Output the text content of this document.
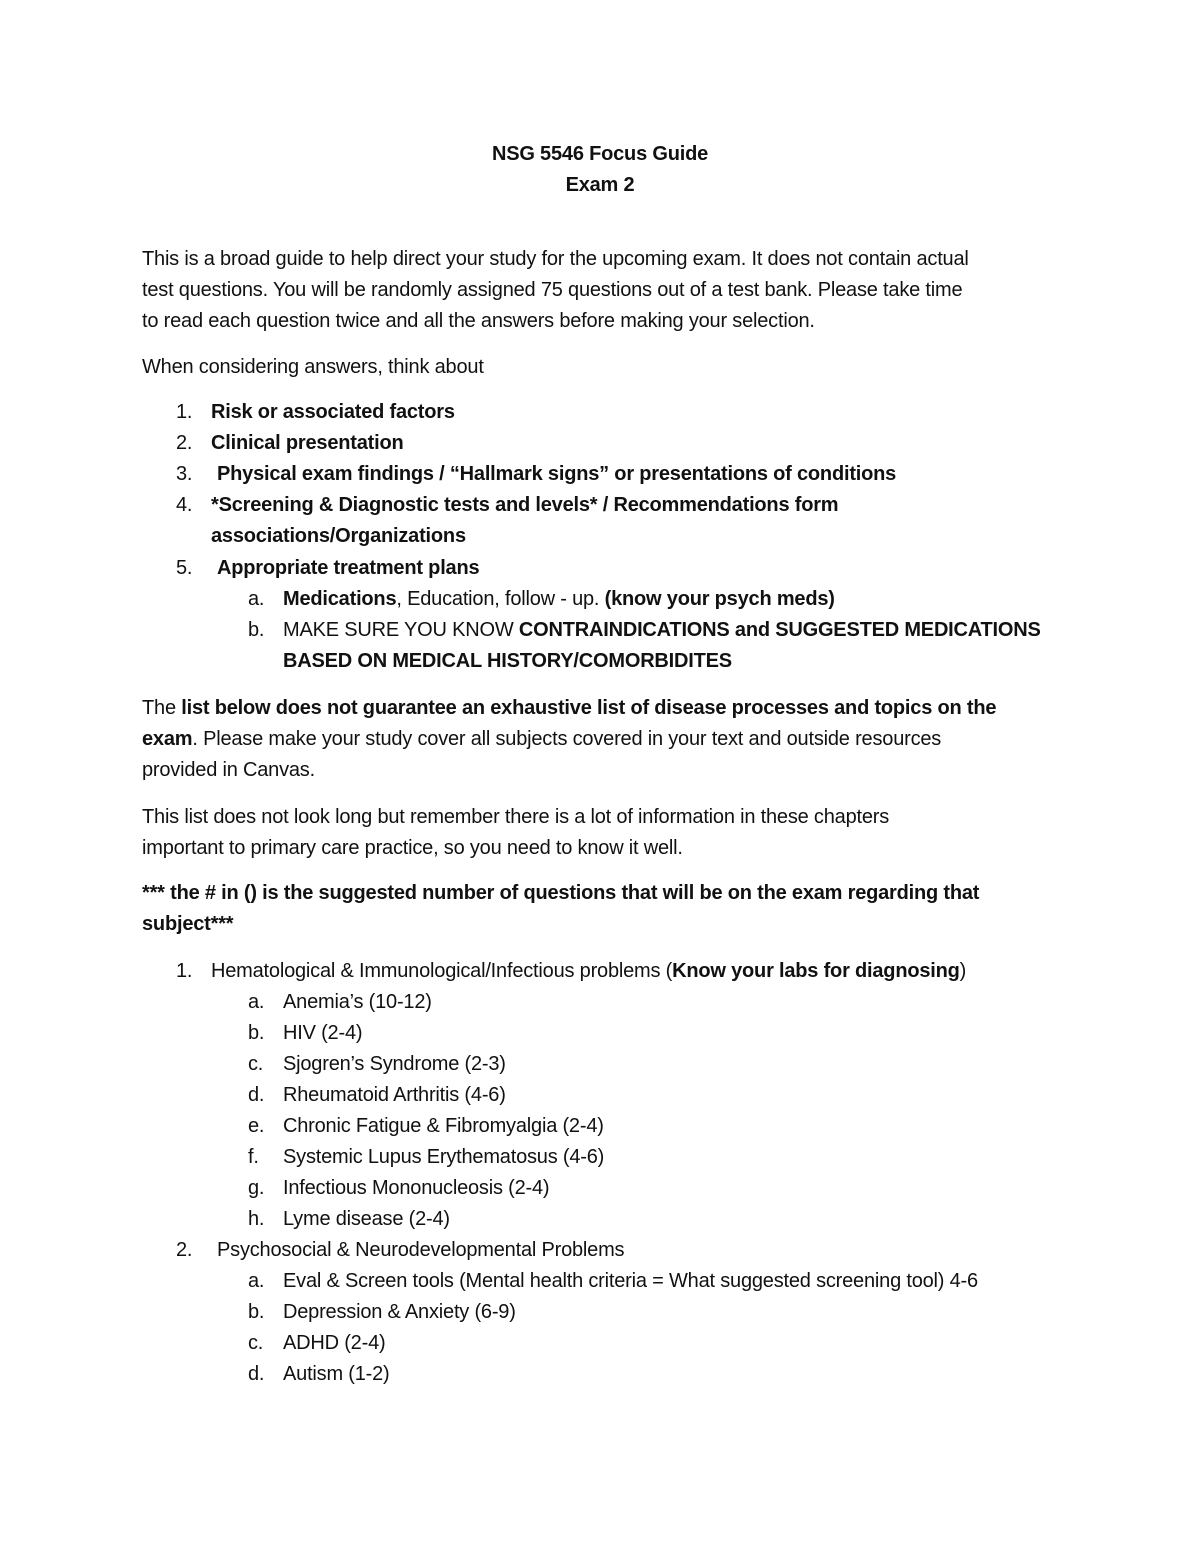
NSG 5546 Focus Guide
Exam 2
This is a broad guide to help direct your study for the upcoming exam. It does not contain actual
test questions. You will be randomly assigned 75 questions out of a test bank. Please take time
to read each question twice and all the answers before making your selection.
When considering answers, think about
1. Risk or associated factors
2. Clinical presentation
3. Physical exam findings / “Hallmark signs” or presentations of conditions
4. *Screening & Diagnostic tests and levels* / Recommendations form
associations/Organizations
5. Appropriate treatment plans
a. Medications, Education, follow - up. (know your psych meds)
b. MAKE SURE YOU KNOW CONTRAINDICATIONS and SUGGESTED MEDICATIONS
BASED ON MEDICAL HISTORY/COMORBIDITES
The list below does not guarantee an exhaustive list of disease processes and topics on the
exam. Please make your study cover all subjects covered in your text and outside resources
provided in Canvas.
This list does not look long but remember there is a lot of information in these chapters
important to primary care practice, so you need to know it well.
*** the # in () is the suggested number of questions that will be on the exam regarding that
subject***
1. Hematological & Immunological/Infectious problems (Know your labs for diagnosing)
a. Anemia’s (10-12)
b. HIV (2-4)
c. Sjogren’s Syndrome (2-3)
d. Rheumatoid Arthritis (4-6)
e. Chronic Fatigue & Fibromyalgia (2-4)
f. Systemic Lupus Erythematosus (4-6)
g. Infectious Mononucleosis (2-4)
h. Lyme disease (2-4)
2. Psychosocial & Neurodevelopmental Problems
a. Eval & Screen tools (Mental health criteria = What suggested screening tool) 4-6
b. Depression & Anxiety (6-9)
c. ADHD (2-4)
d. Autism (1-2)
